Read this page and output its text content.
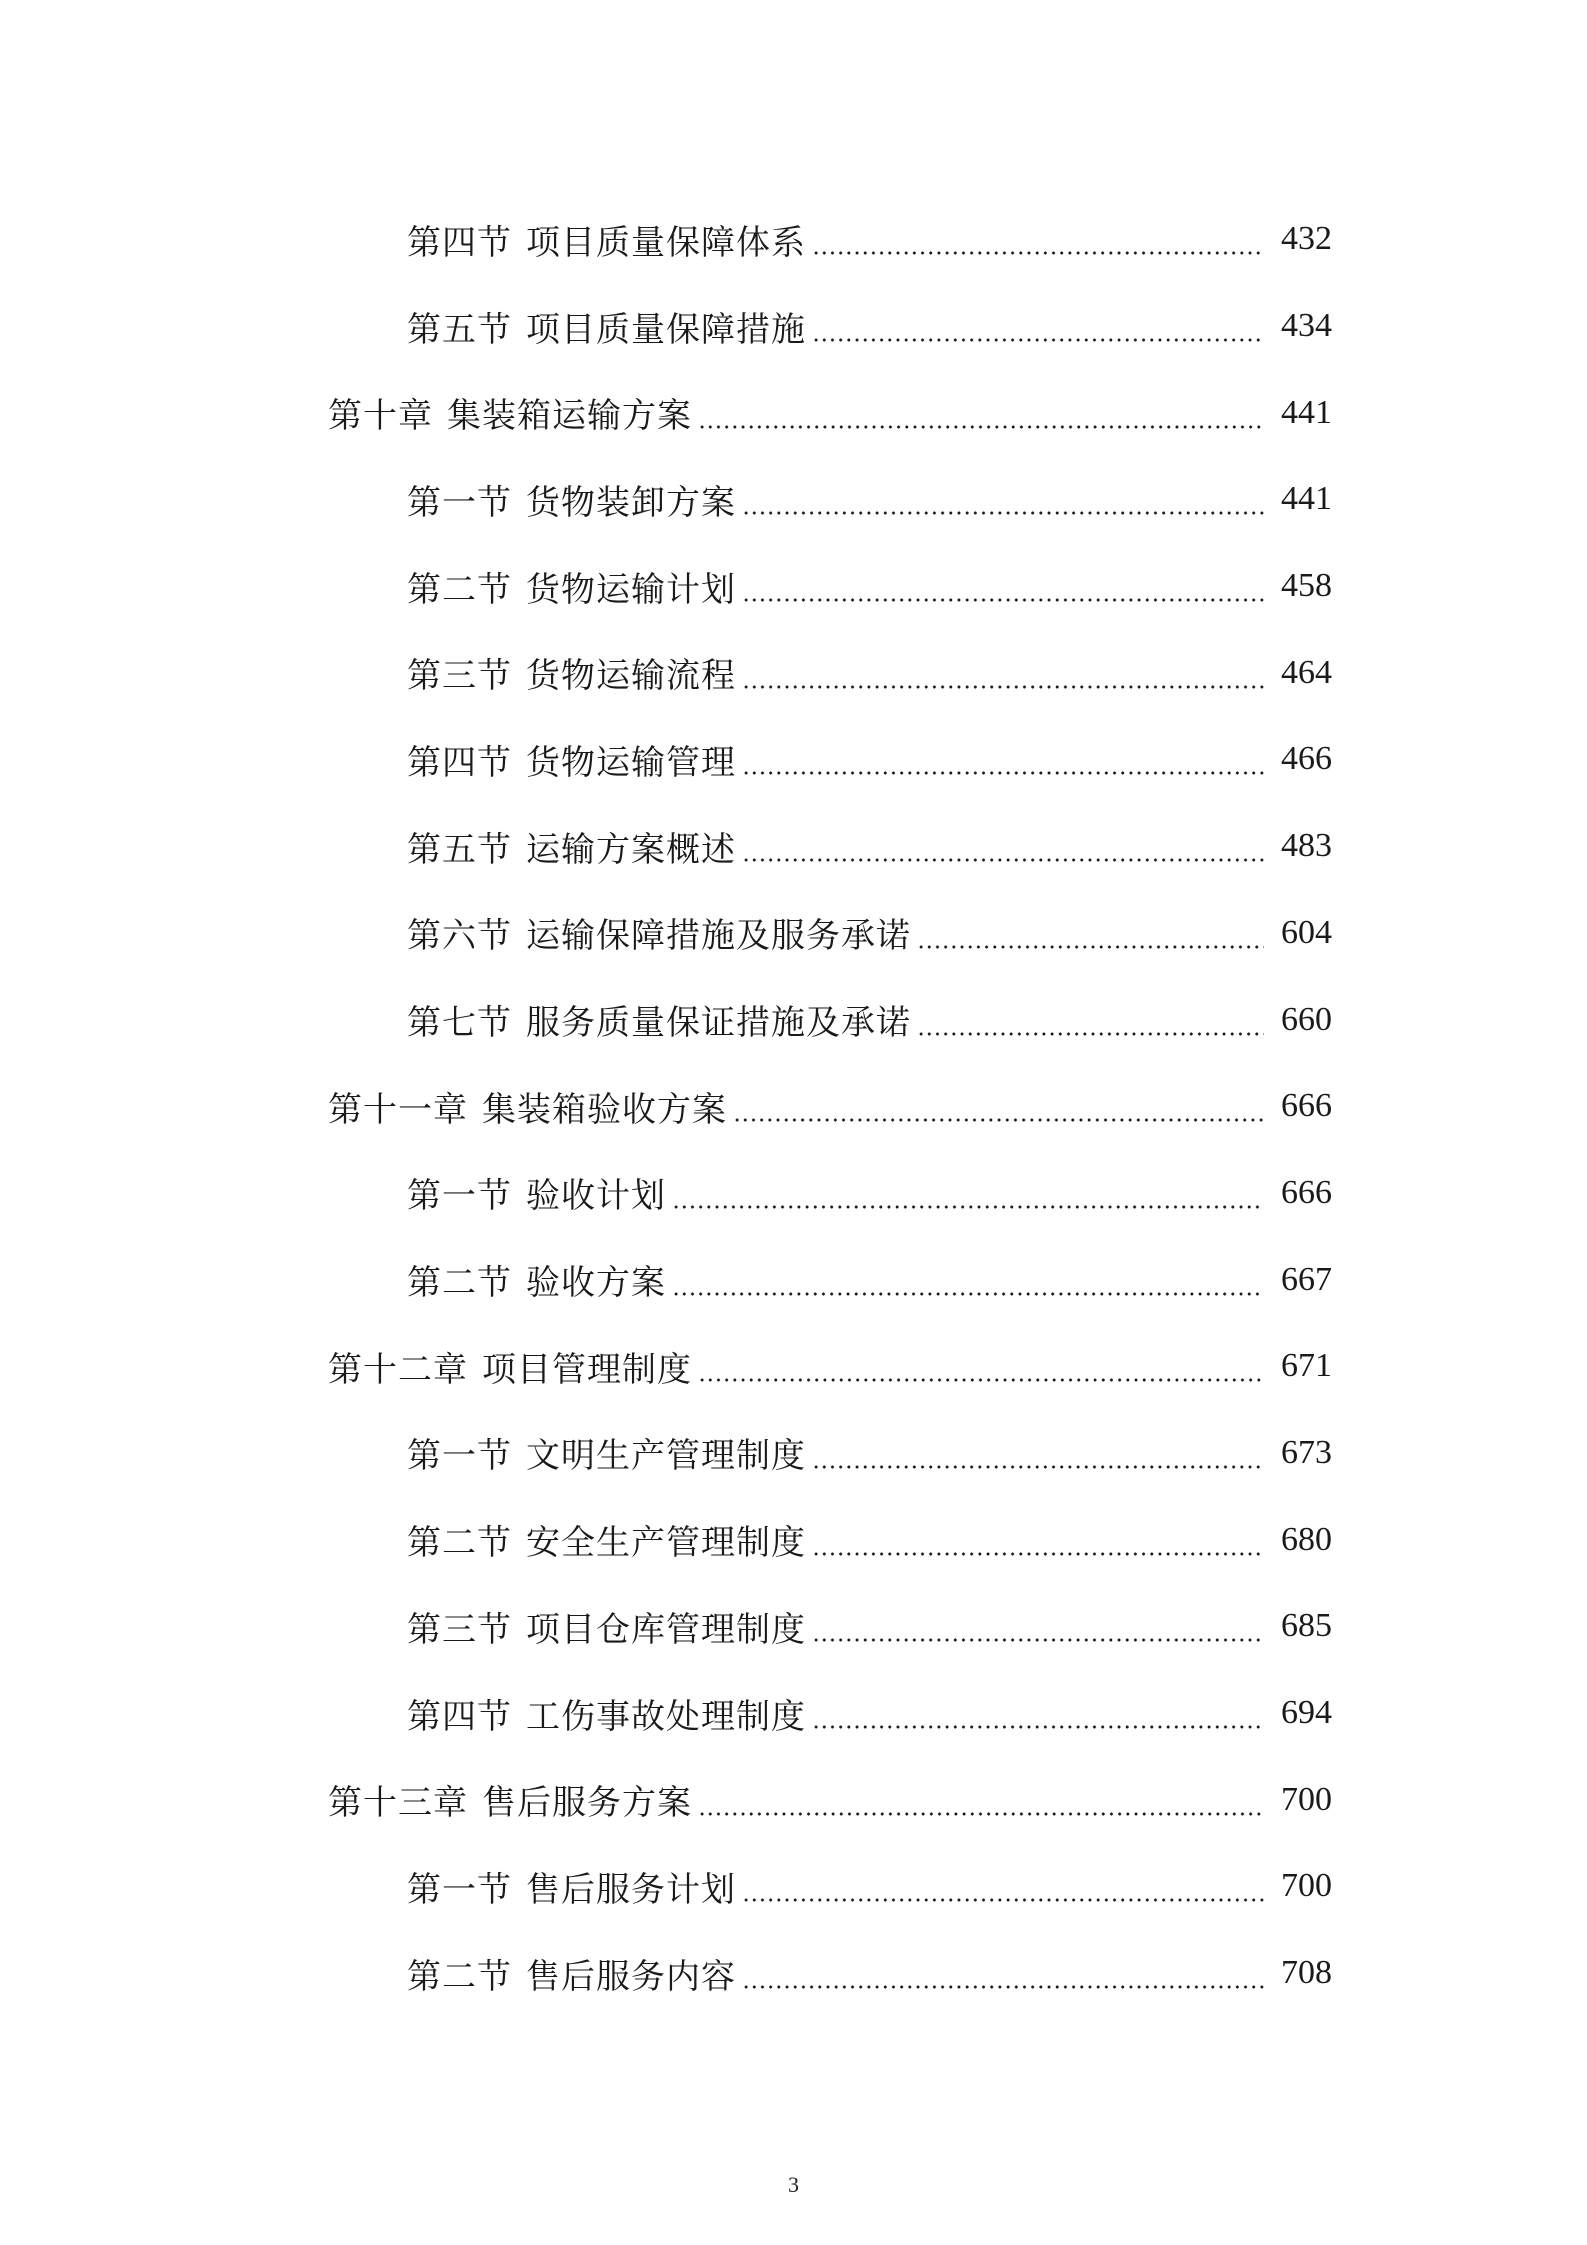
第四节 项目质量保障体系	432
第五节 项目质量保障措施	434
第十章 集装箱运输方案	441
第一节 货物装卸方案	441
第二节 货物运输计划	458
第三节 货物运输流程	464
第四节 货物运输管理	466
第五节 运输方案概述	483
第六节 运输保障措施及服务承诺	604
第七节 服务质量保证措施及承诺	660
第十一章 集装箱验收方案	666
第一节 验收计划	666
第二节 验收方案	667
第十二章 项目管理制度	671
第一节 文明生产管理制度	673
第二节 安全生产管理制度	680
第三节 项目仓库管理制度	685
第四节 工伤事故处理制度	694
第十三章 售后服务方案	700
第一节 售后服务计划	700
第二节 售后服务内容	708
3
